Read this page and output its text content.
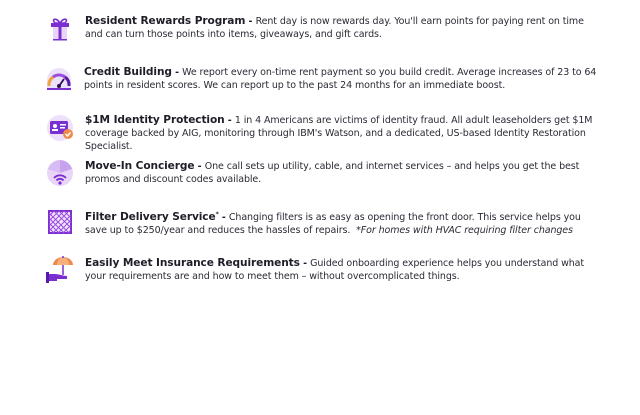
Resident Rewards Program - Rent day is now rewards day. You'll earn points for paying rent on time and can turn those points into items, giveaways, and gift cards.
Credit Building - We report every on-time rent payment so you build credit. Average increases of 23 to 64 points in resident scores. We can report up to the past 24 months for an immediate boost.
$1M Identity Protection - 1 in 4 Americans are victims of identity fraud. All adult leaseholders get $1M coverage backed by AIG, monitoring through IBM's Watson, and a dedicated, US-based Identity Restoration Specialist.
Move-In Concierge - One call sets up utility, cable, and internet services – and helps you get the best promos and discount codes available.
Filter Delivery Service* - Changing filters is as easy as opening the front door. This service helps you save up to $250/year and reduces the hassles of repairs. *For homes with HVAC requiring filter changes
Easily Meet Insurance Requirements - Guided onboarding experience helps you understand what your requirements are and how to meet them – without overcomplicated things.
